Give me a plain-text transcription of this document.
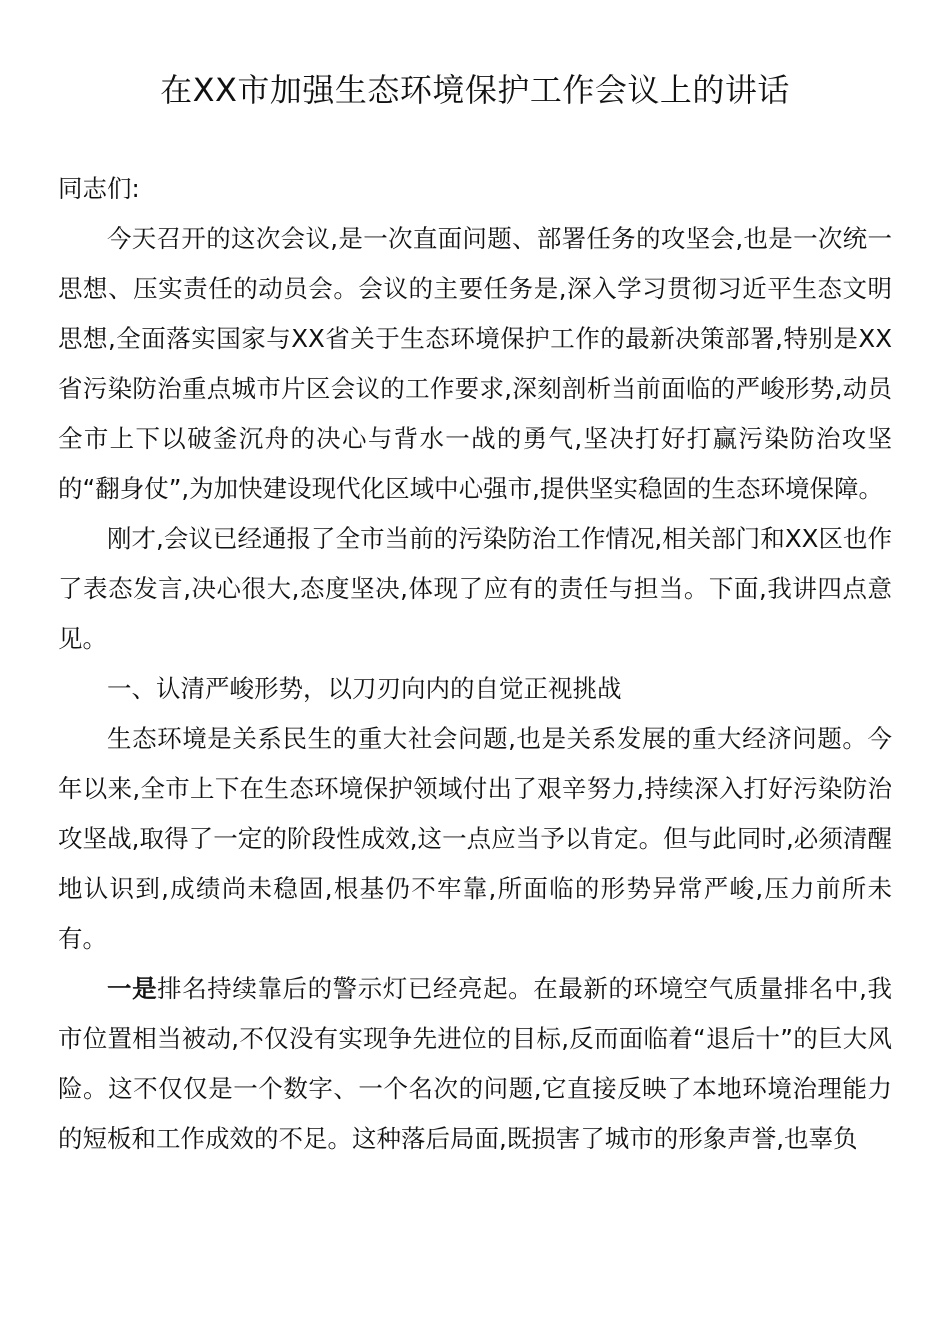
在XX市加强生态环境保护工作会议上的讲话

同志们:

今天召开的这次会议,是一次直面问题、部署任务的攻坚会,也是一次统一思想、压实责任的动员会。会议的主要任务是,深入学习贯彻习近平生态文明思想,全面落实国家与XX省关于生态环境保护工作的最新决策部署,特别是XX省污染防治重点城市片区会议的工作要求,深刻剖析当前面临的严峻形势,动员全市上下以破釜沉舟的决心与背水一战的勇气,坚决打好打赢污染防治攻坚的“翻身仗”,为加快建设现代化区域中心强市,提供坚实稳固的生态环境保障。

刚才,会议已经通报了全市当前的污染防治工作情况,相关部门和XX区也作了表态发言,决心很大,态度坚决,体现了应有的责任与担当。下面,我讲四点意见。

一、认清严峻形势，以刀刃向内的自觉正视挑战

生态环境是关系民生的重大社会问题,也是关系发展的重大经济问题。今年以来,全市上下在生态环境保护领域付出了艰辛努力,持续深入打好污染防治攻坚战,取得了一定的阶段性成效,这一点应当予以肯定。但与此同时,必须清醒地认识到,成绩尚未稳固,根基仍不牢靠,所面临的形势异常严峻,压力前所未有。

一是排名持续靠后的警示灯已经亮起。在最新的环境空气质量排名中,我市位置相当被动,不仅没有实现争先进位的目标,反而面临着“退后十”的巨大风险。这不仅仅是一个数字、一个名次的问题,它直接反映了本地环境治理能力的短板和工作成效的不足。这种落后局面,既损害了城市的形象声誉,也辜负
